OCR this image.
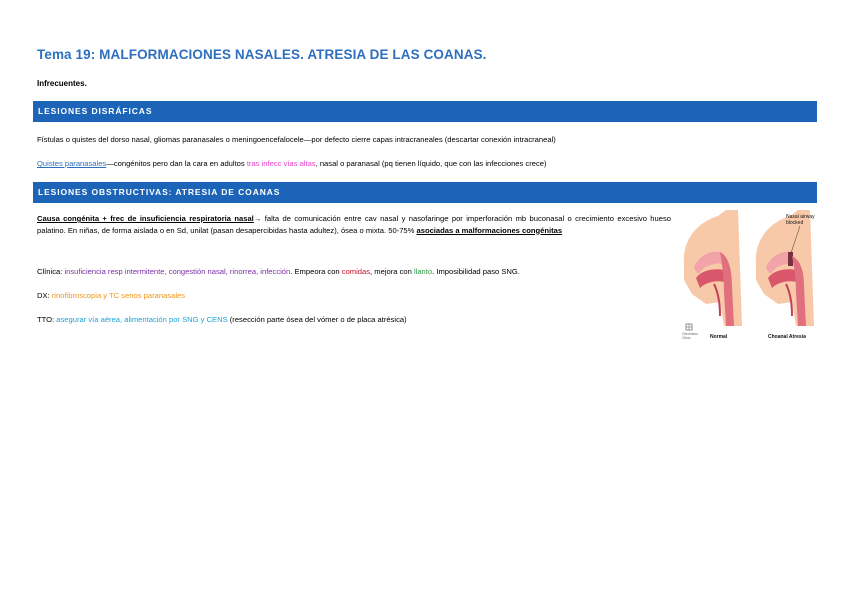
Tema 19: MALFORMACIONES NASALES. ATRESIA DE LAS COANAS.
Infrecuentes.
LESIONES DISRÁFICAS
Fístulas o quistes del dorso nasal, gliomas paranasales o meningoencefalocele—por defecto cierre capas intracraneales (descartar conexión intracraneal)
Quistes paranasales—congénitos pero dan la cara en adultos tras infecc vías altas, nasal o paranasal (pq tienen líquido, que con las infecciones crece)
LESIONES OBSTRUCTIVAS: ATRESIA DE COANAS
Causa congénita + frec de insuficiencia respiratoria nasal→ falta de comunicación entre cav nasal y nasofaringe por imperforación mb buconasal o crecimiento excesivo hueso palatino. En niñas, de forma aislada o en Sd, unilat (pasan desapercibidas hasta adultez), ósea o mixta. 50-75% asociadas a malformaciones congénitas
Clínica: insuficiencia resp intermitente, congestión nasal, rinorrea, infección. Empeora con comidas, mejora con llanto. Imposibilidad paso SNG.
DX: rinofibroscopia y TC senos paranasales
TTO: asegurar vía aérea, alimentación por SNG y CENS (resección parte ósea del vómer o de placa atrésica)
Nasal airway blocked
Normal	Choanal Atresia
Cleveland Clinic
